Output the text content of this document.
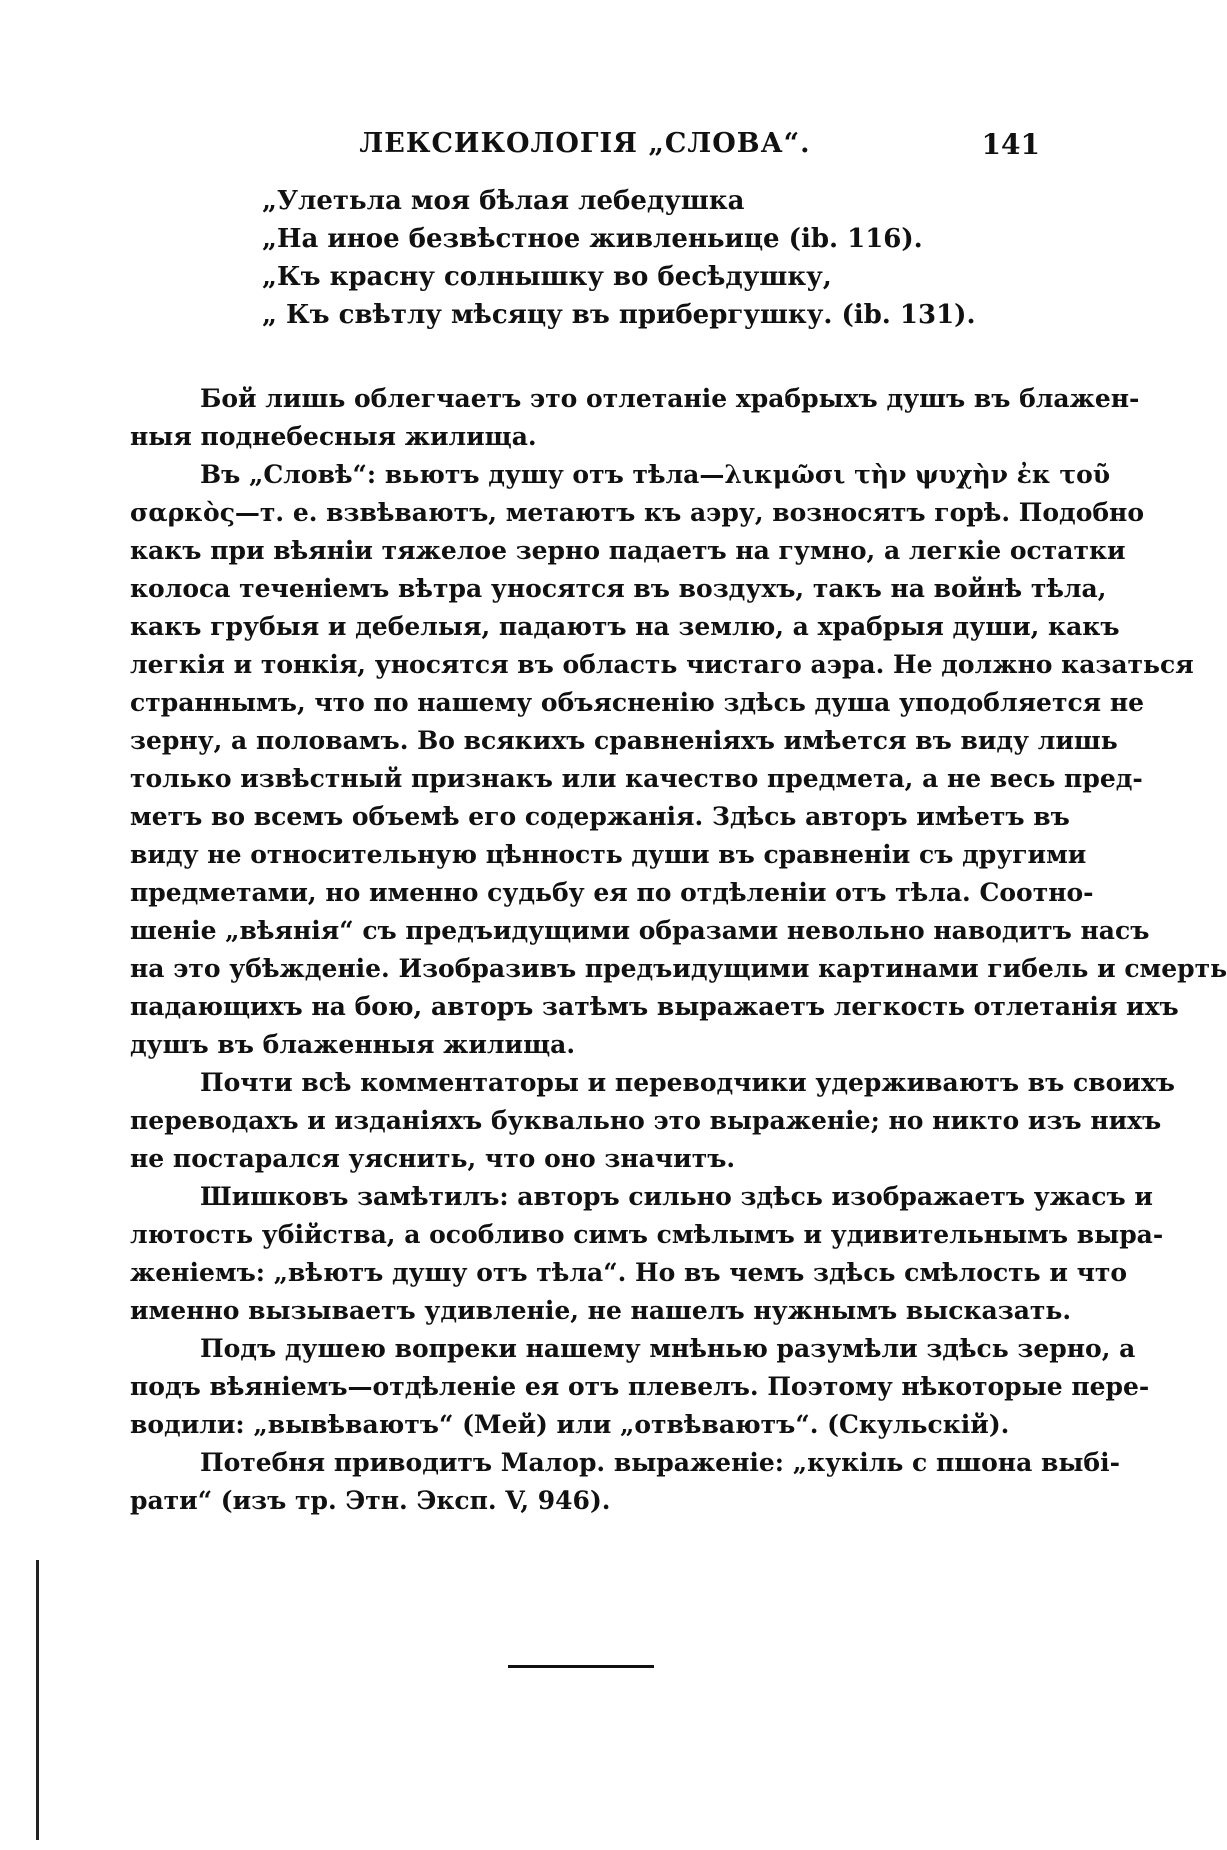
ЛЕКСИКОЛОГІЯ „СЛОВА“.	141
„Улетьла моя бѣлая лебедушка
„На иное безвѣстное живленьице (ib. 116).
„Къ красну солнышку во бесѣдушку,
„ Къ свѣтлу мѣсяцу въ прибергушку. (ib. 131).
Бой лишь облегчаетъ это отлетаніе храбрыхъ душъ въ блажен-
ныя поднебесныя жилища.
Въ „Словѣ“: вьютъ душу отъ тѣла—λικμῶσι τὴν ψυχὴν ἐκ τοῦ
σαρκὸς—т. е. взвѣваютъ, метаютъ къ аэру, возносятъ горѣ. Подобно
какъ при вѣяніи тяжелое зерно падаетъ на гумно, а легкіе остатки
колоса теченіемъ вѣтра уносятся въ воздухъ, такъ на войнѣ тѣла,
какъ грубыя и дебелыя, падаютъ на землю, а храбрыя души, какъ
легкія и тонкія, уносятся въ область чистаго аэра. Не должно казаться
страннымъ, что по нашему объясненію здѣсь душа уподобляется не
зерну, а половамъ. Во всякихъ сравненіяхъ имѣется въ виду лишь
только извѣстный признакъ или качество предмета, а не весь пред-
метъ во всемъ объемѣ его содержанія. Здѣсь авторъ имѣетъ въ
виду не относительную цѣнность души въ сравненіи съ другими
предметами, но именно судьбу ея по отдѣленіи отъ тѣла. Соотно-
шеніе „вѣянія“ съ предъидущими образами невольно наводитъ насъ
на это убѣжденіе. Изобразивъ предъидущими картинами гибель и смерть
падающихъ на бою, авторъ затѣмъ выражаетъ легкость отлетанія ихъ
душъ въ блаженныя жилища.
Почти всѣ комментаторы и переводчики удерживаютъ въ своихъ
переводахъ и изданіяхъ буквально это выраженіе; но никто изъ нихъ
не постарался уяснить, что оно значитъ.
Шишковъ замѣтилъ: авторъ сильно здѣсь изображаетъ ужасъ и
лютость убійства, а особливо симъ смѣлымъ и удивительнымъ выра-
женіемъ: „вѣютъ душу отъ тѣла“. Но въ чемъ здѣсь смѣлость и что
именно вызываетъ удивленіе, не нашелъ нужнымъ высказать.
Подъ душею вопреки нашему мнѣнью разумѣли здѣсь зерно, а
подъ вѣяніемъ—отдѣленіе ея отъ плевелъ. Поэтому нѣкоторые пере-
водили: „вывѣваютъ“ (Мей) или „отвѣваютъ“. (Скульскій).
Потебня приводитъ Малор. выраженіе: „кукіль с пшона выбі-
рати“ (изъ тр. Этн. Эксп. V, 946).
